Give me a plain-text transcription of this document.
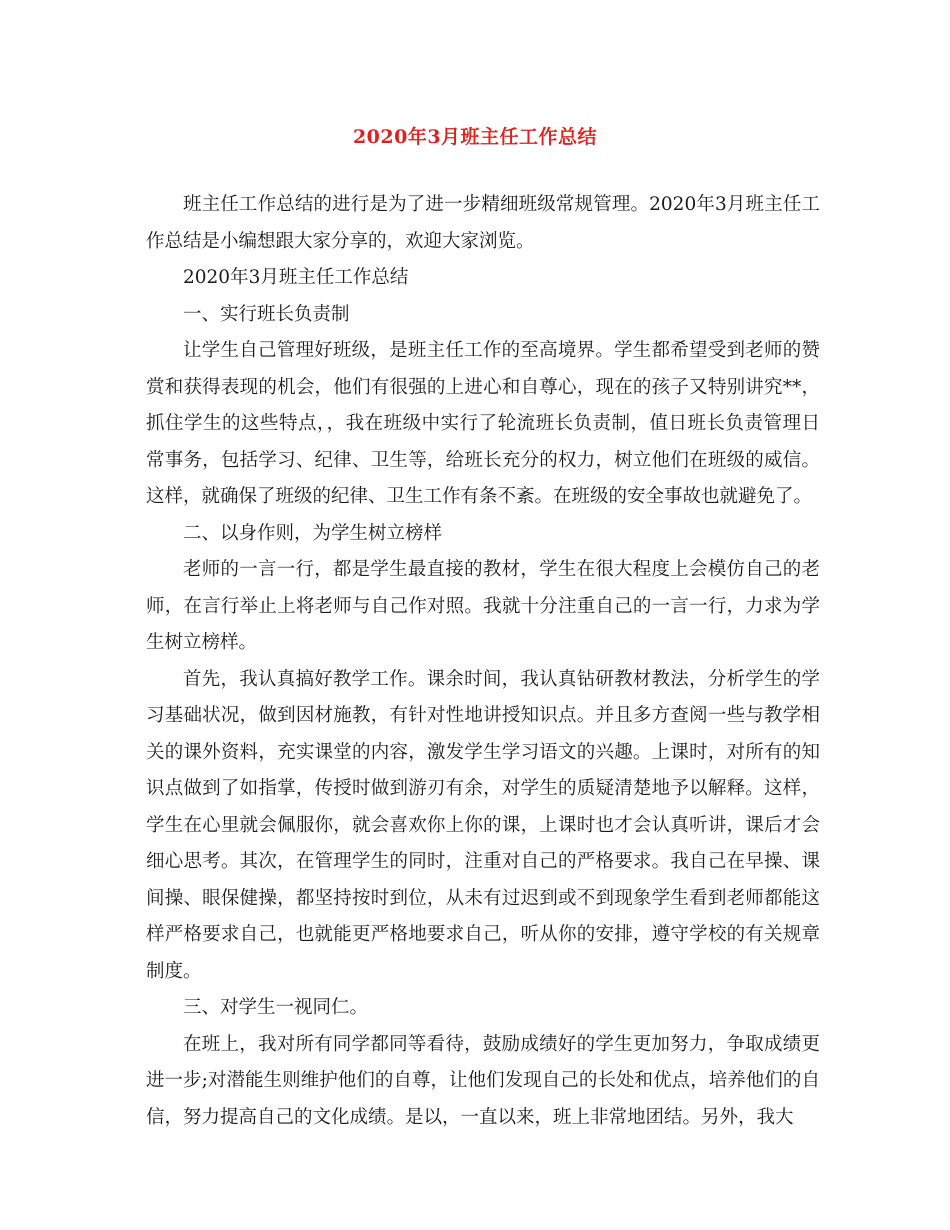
2020年3月班主任工作总结

班主任工作总结的进行是为了进一步精细班级常规管理。2020年3月班主任工作总结是小编想跟大家分享的，欢迎大家浏览。

2020年3月班主任工作总结

一、实行班长负责制

让学生自己管理好班级，是班主任工作的至高境界。学生都希望受到老师的赞赏和获得表现的机会，他们有很强的上进心和自尊心，现在的孩子又特别讲究**，抓住学生的这些特点，，我在班级中实行了轮流班长负责制，值日班长负责管理日常事务，包括学习、纪律、卫生等，给班长充分的权力，树立他们在班级的威信。这样，就确保了班级的纪律、卫生工作有条不紊。在班级的安全事故也就避免了。

二、以身作则，为学生树立榜样

老师的一言一行，都是学生最直接的教材，学生在很大程度上会模仿自己的老师，在言行举止上将老师与自己作对照。我就十分注重自己的一言一行，力求为学生树立榜样。

首先，我认真搞好教学工作。课余时间，我认真钻研教材教法，分析学生的学习基础状况，做到因材施教，有针对性地讲授知识点。并且多方查阅一些与教学相关的课外资料，充实课堂的内容，激发学生学习语文的兴趣。上课时，对所有的知识点做到了如指掌，传授时做到游刃有余，对学生的质疑清楚地予以解释。这样，学生在心里就会佩服你，就会喜欢你上你的课，上课时也才会认真听讲，课后才会细心思考。其次，在管理学生的同时，注重对自己的严格要求。我自己在早操、课间操、眼保健操，都坚持按时到位，从未有过迟到或不到现象学生看到老师都能这样严格要求自己，也就能更严格地要求自己，听从你的安排，遵守学校的有关规章制度。

三、对学生一视同仁。

在班上，我对所有同学都同等看待，鼓励成绩好的学生更加努力，争取成绩更进一步;对潜能生则维护他们的自尊，让他们发现自己的长处和优点，培养他们的自信，努力提高自己的文化成绩。是以，一直以来，班上非常地团结。另外，我大
